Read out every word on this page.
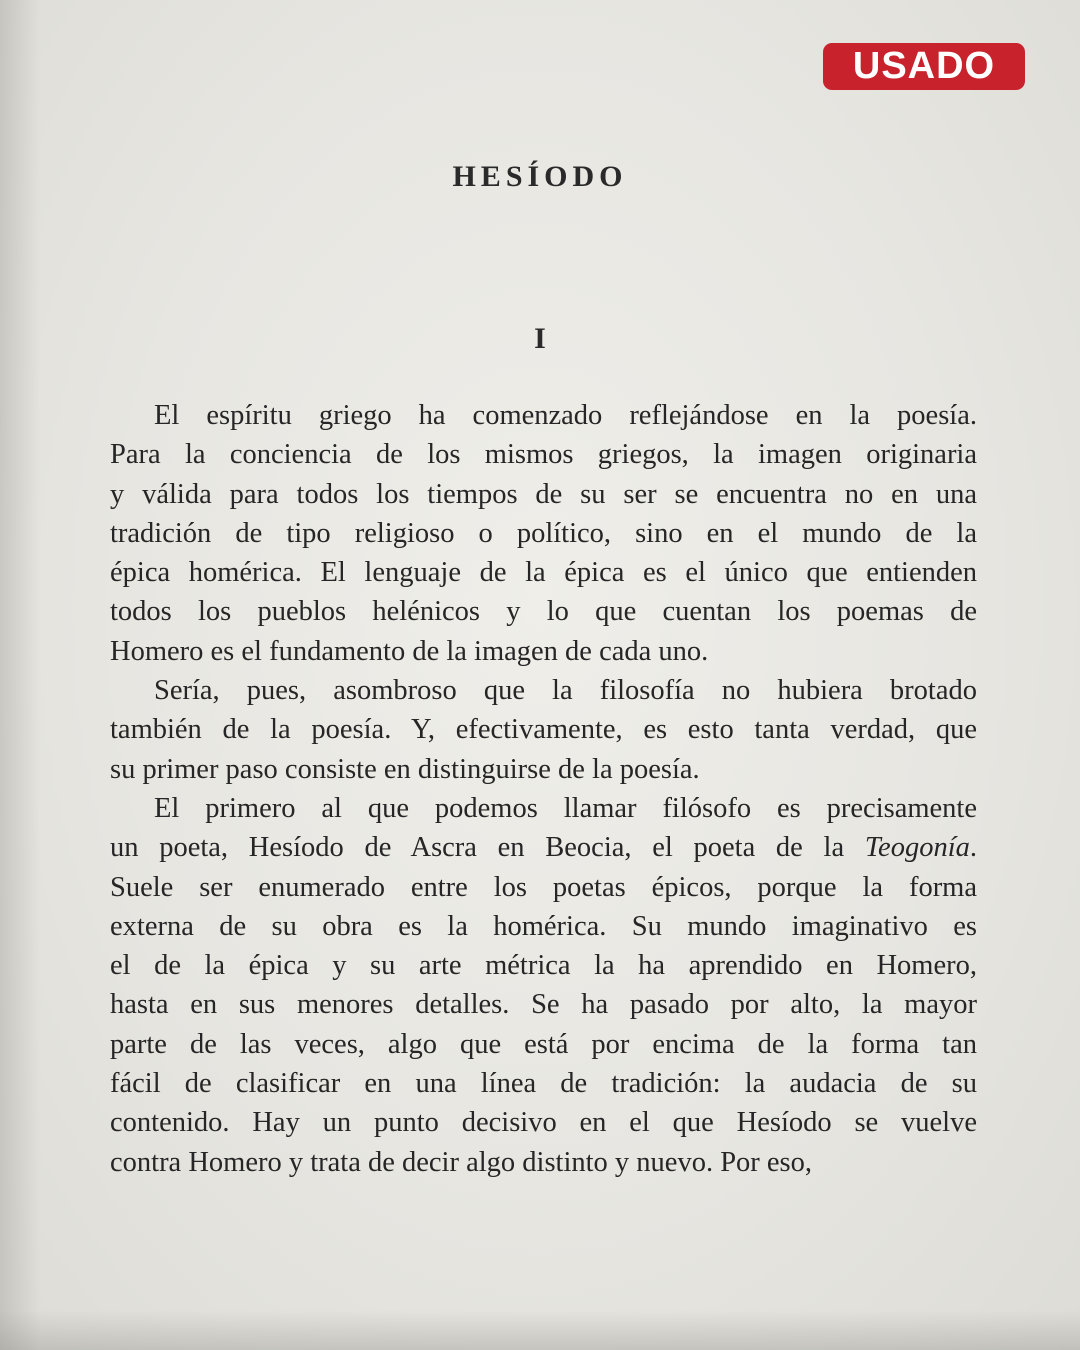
USADO
HESÍODO
I

El espíritu griego ha comenzado reflejándose en la poesía.
Para la conciencia de los mismos griegos, la imagen originaria
y válida para todos los tiempos de su ser se encuentra no en una
tradición de tipo religioso o político, sino en el mundo de la
épica homérica. El lenguaje de la épica es el único que entienden
todos los pueblos helénicos y lo que cuentan los poemas de
Homero es el fundamento de la imagen de cada uno.

Sería, pues, asombroso que la filosofía no hubiera brotado
también de la poesía. Y, efectivamente, es esto tanta verdad, que
su primer paso consiste en distinguirse de la poesía.

El primero al que podemos llamar filósofo es precisamente
un poeta, Hesíodo de Ascra en Beocia, el poeta de la Teogonía.
Suele ser enumerado entre los poetas épicos, porque la forma
externa de su obra es la homérica. Su mundo imaginativo es
el de la épica y su arte métrica la ha aprendido en Homero,
hasta en sus menores detalles. Se ha pasado por alto, la mayor
parte de las veces, algo que está por encima de la forma tan
fácil de clasificar en una línea de tradición: la audacia de su
contenido. Hay un punto decisivo en el que Hesíodo se vuelve
contra Homero y trata de decir algo distinto y nuevo. Por eso,
